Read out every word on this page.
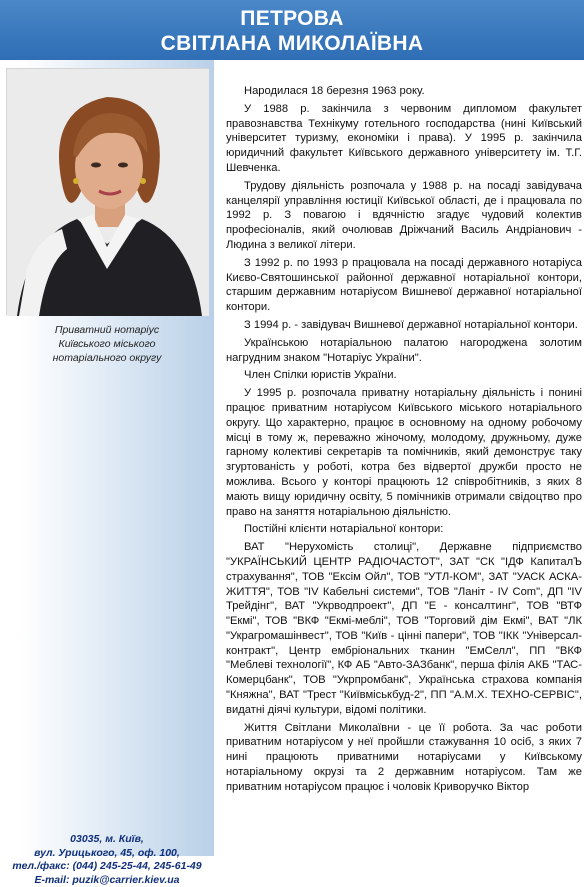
ПЕТРОВА
СВІТЛАНА МИКОЛАЇВНА
Приватний нотаріус
Київського міського
нотаріального округу
03035, м. Київ,
вул. Урицького, 45, оф. 100,
тел./факс: (044) 245-25-44, 245-61-49
E-mail: puzik@carrier.kiev.ua

Народилася 18 березня 1963 року.

У 1988 р. закінчила з червоним дипломом факультет правознавства Технікуму готельного господарства (нині Київський університет туризму, економіки і права). У 1995 р. закінчила юридичний факультет Київського державного університету ім. Т.Г. Шевченка.

Трудову діяльність розпочала у 1988 р. на посаді завідувача канцелярії управління юстиції Київської області, де і працювала по 1992 р. З повагою і вдячністю згадує чудовий колектив професіоналів, який очолював Дріжчаний Василь Андріанович - Людина з великої літери.

З 1992 р. по 1993 р працювала на посаді державного нотаріуса Києво-Святошинської районної державної нотаріальної контори, старшим державним нотаріусом Вишневої державної нотаріальної контори.

З 1994 р. - завідувач Вишневої державної нотаріальної контори.

Українською нотаріальною палатою нагороджена золотим нагрудним знаком "Нотаріус України".

Член Спілки юристів України.

У 1995 р. розпочала приватну нотаріальну діяльність і понині працює приватним нотаріусом Київського міського нотаріального округу. Що характерно, працює в основному на одному робочому місці в тому ж, переважно жіночому, молодому, дружньому, дуже гарному колективі секретарів та помічників, який демонструє таку згуртованість у роботі, котра без відвертої дружби просто не можлива. Всього у конторі працюють 12 співробітників, з яких 8 мають вищу юридичну освіту, 5 помічників отримали свідоцтво про право на заняття нотаріальною діяльністю.

Постійні клієнти нотаріальної контори:

ВАТ "Нерухомість столиці", Державне підприємство "УКРАЇНСЬКИЙ ЦЕНТР РАДІОЧАСТОТ", ЗАТ "СК "ІДФ КапиталЪ страхування", ТОВ "Ексім Ойл", ТОВ "УТЛ-КОМ", ЗАТ "УАСК АСКА-ЖИТТЯ", ТОВ "IV Кабельні системи", ТОВ "Ланіт - IV Com", ДП "IV Трейдінг", ВАТ "Укрводпроект", ДП "Е - консалтинг", ТОВ "ВТФ "Екмі", ТОВ "ВКФ "Екмі-меблі", ТОВ "Торговий дім Екмі", ВАТ "ЛК "Украгромашінвест", ТОВ "Київ - цінні папери", ТОВ "ІКК "Універсал-контракт", Центр ембріональних тканин "ЕмСелл", ПП "ВКФ "Меблеві технології", КФ АБ "Авто-ЗАЗбанк", перша філія АКБ "ТАС-Комерцбанк", ТОВ "Укрпромбанк", Українська страхова компанія "Княжна", ВАТ "Трест "Київміськбуд-2", ПП "А.М.Х. ТЕХНО-СЕРВІС", видатні діячі культури, відомі політики.

Життя Світлани Миколаївни - це її робота. За час роботи приватним нотаріусом у неї пройшли стажування 10 осіб, з яких 7 нині працюють приватними нотаріусами у Київському нотаріальному окрузі та 2 державним нотаріусом. Там же приватним нотаріусом працює і чоловік Криворучко Віктор
